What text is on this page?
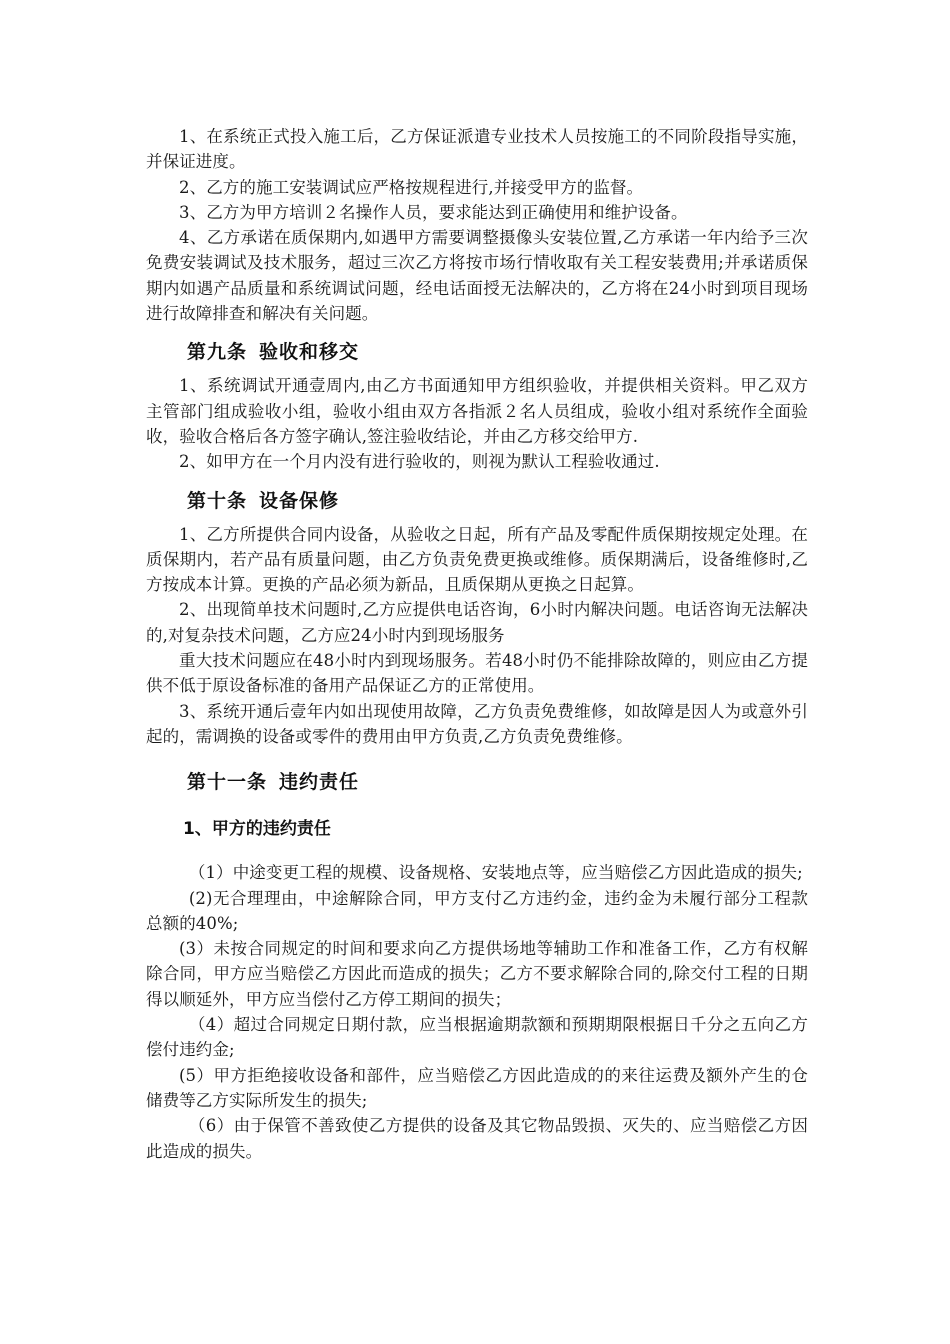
1、在系统正式投入施工后，乙方保证派遣专业技术人员按施工的不同阶段指导实施，并保证进度。

2、乙方的施工安装调试应严格按规程进行,并接受甲方的监督。

3、乙方为甲方培训２名操作人员，要求能达到正确使用和维护设备。

4、乙方承诺在质保期内,如遇甲方需要调整摄像头安装位置,乙方承诺一年内给予三次免费安装调试及技术服务，超过三次乙方将按市场行情收取有关工程安装费用;并承诺质保期内如遇产品质量和系统调试问题，经电话面授无法解决的，乙方将在24小时到项目现场进行故障排查和解决有关问题。

第九条 验收和移交

1、系统调试开通壹周内,由乙方书面通知甲方组织验收，并提供相关资料。甲乙双方主管部门组成验收小组，验收小组由双方各指派２名人员组成，验收小组对系统作全面验收，验收合格后各方签字确认,签注验收结论，并由乙方移交给甲方.

2、如甲方在一个月内没有进行验收的，则视为默认工程验收通过.

第十条 设备保修

1、乙方所提供合同内设备，从验收之日起，所有产品及零配件质保期按规定处理。在质保期内，若产品有质量问题，由乙方负责免费更换或维修。质保期满后，设备维修时,乙方按成本计算。更换的产品必须为新品，且质保期从更换之日起算。

2、出现简单技术问题时,乙方应提供电话咨询，6小时内解决问题。电话咨询无法解决的,对复杂技术问题，乙方应24小时内到现场服务

重大技术问题应在48小时内到现场服务。若48小时仍不能排除故障的，则应由乙方提供不低于原设备标准的备用产品保证乙方的正常使用。

3、系统开通后壹年内如出现使用故障，乙方负责免费维修，如故障是因人为或意外引起的，需调换的设备或零件的费用由甲方负责,乙方负责免费维修。

第十一条 违约责任
1、甲方的违约责任

（1）中途变更工程的规模、设备规格、安装地点等，应当赔偿乙方因此造成的损失;

(2)无合理理由，中途解除合同，甲方支付乙方违约金，违约金为未履行部分工程款总额的40%;

(3）未按合同规定的时间和要求向乙方提供场地等辅助工作和准备工作，乙方有权解除合同，甲方应当赔偿乙方因此而造成的损失；乙方不要求解除合同的,除交付工程的日期得以顺延外，甲方应当偿付乙方停工期间的损失；

（4）超过合同规定日期付款，应当根据逾期款额和预期期限根据日千分之五向乙方偿付违约金;

(5）甲方拒绝接收设备和部件，应当赔偿乙方因此造成的的来往运费及额外产生的仓储费等乙方实际所发生的损失;

（6）由于保管不善致使乙方提供的设备及其它物品毁损、灭失的、应当赔偿乙方因此造成的损失。
